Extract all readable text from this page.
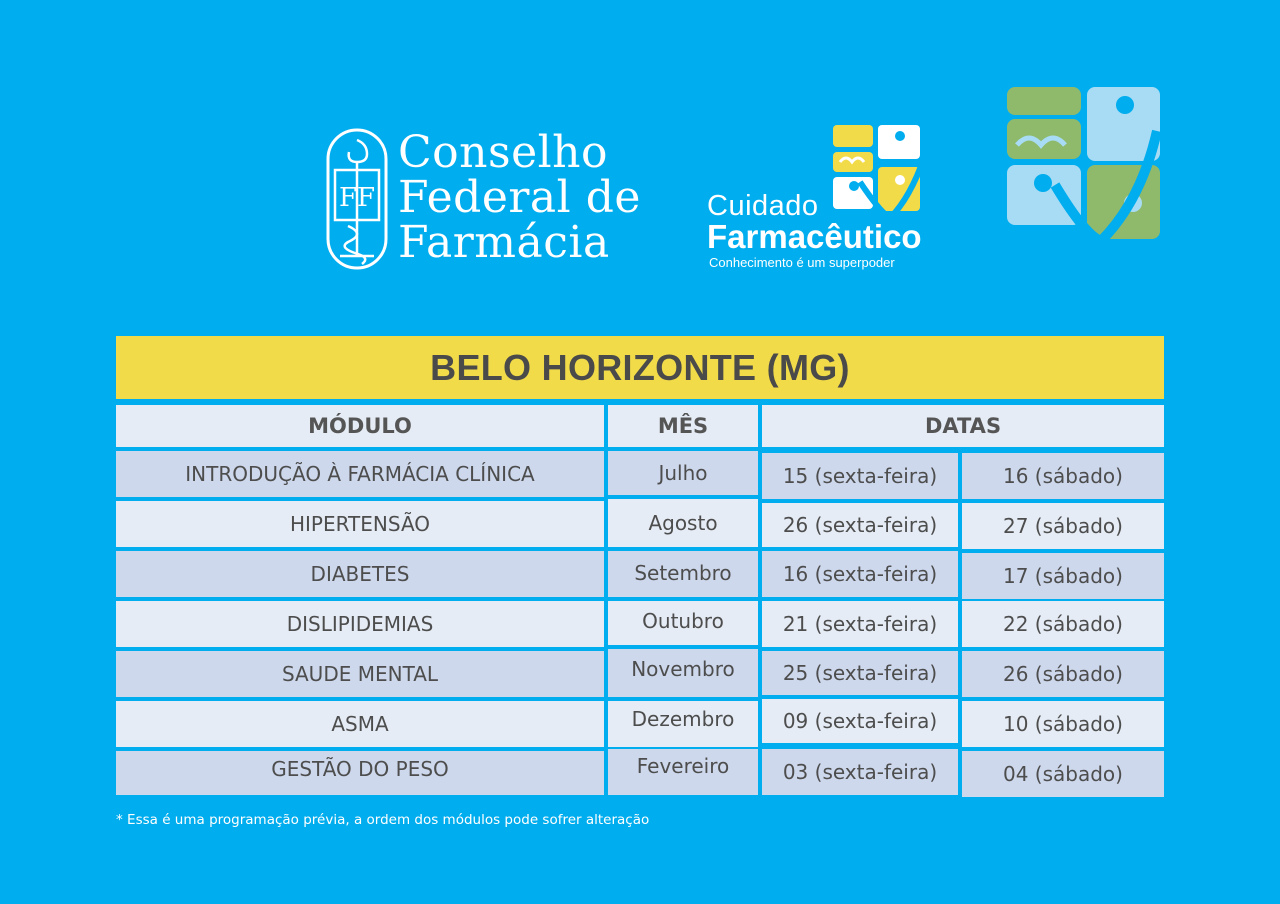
FF
Conselho
Federal de
Farmácia
Cuidado
Farmacêutico
Conhecimento é um superpoder
BELO HORIZONTE (MG)
MÓDULO	MÊS	DATAS
INTRODUÇÃO À FARMÁCIA CLÍNICA	Julho	15 (sexta-feira)	16 (sábado)
HIPERTENSÃO	Agosto	26 (sexta-feira)	27 (sábado)
DIABETES	Setembro	16 (sexta-feira)	17 (sábado)
DISLIPIDEMIAS	Outubro	21 (sexta-feira)	22 (sábado)
SAUDE MENTAL	Novembro 25 (sexta-feira)	26 (sábado)
ASMA	Dezembro 09 (sexta-feira)	10 (sábado)
GESTÃO DO PESO	Fevereiro	03 (sexta-feira)	04 (sábado)
* Essa é uma programação prévia, a ordem dos módulos pode sofrer alteração
